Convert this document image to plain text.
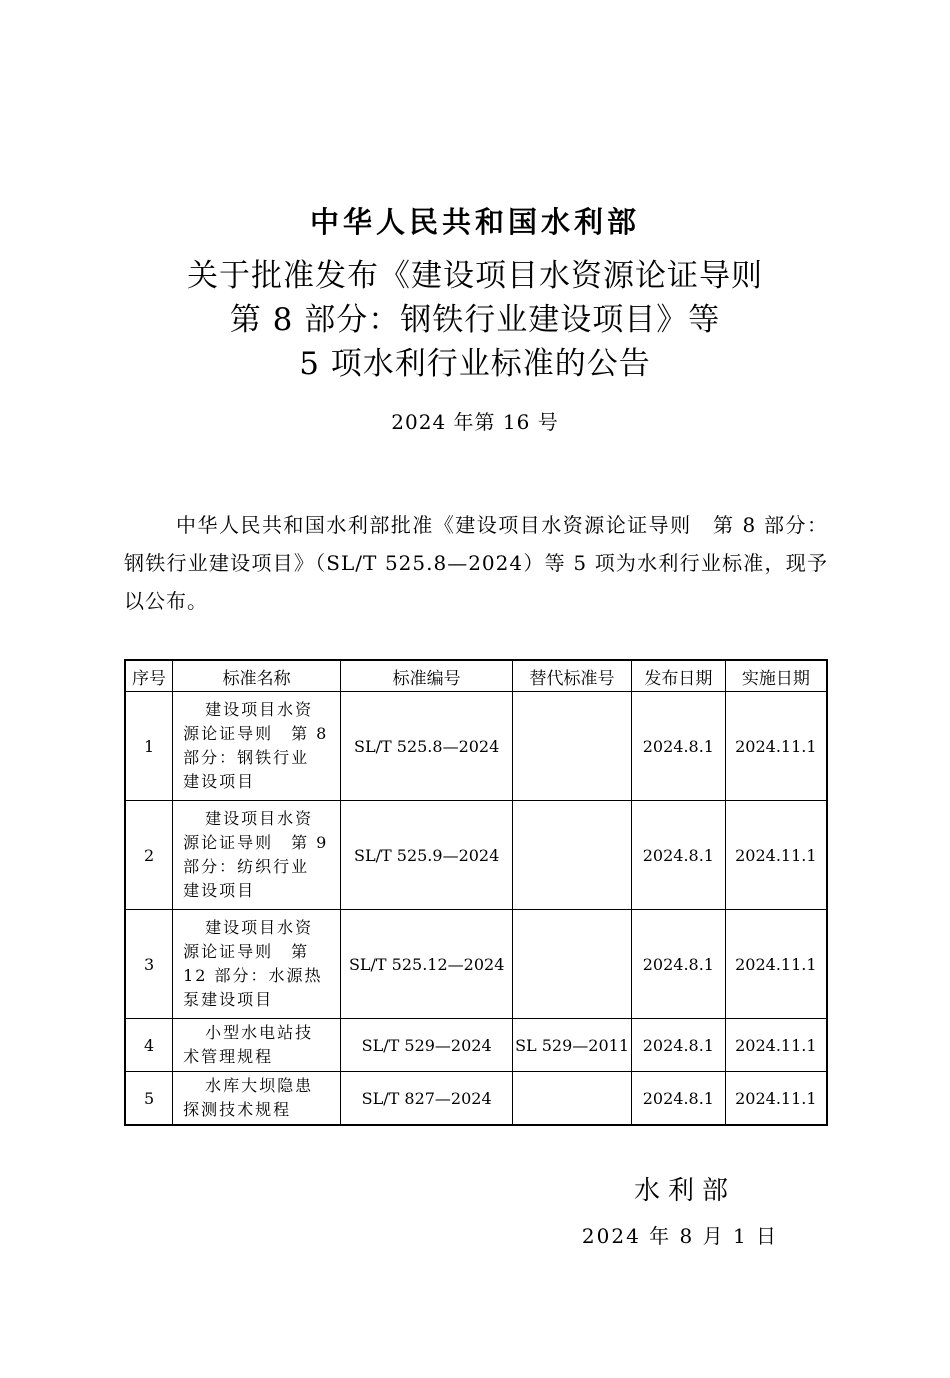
中华人民共和国水利部
关于批准发布《建设项目水资源论证导则
第 8 部分：钢铁行业建设项目》等
5 项水利行业标准的公告
2024 年第 16 号
中华人民共和国水利部批准《建设项目水资源论证导则　第 8 部分：钢铁行业建设项目》（SL/T 525.8—2024）等 5 项为水利行业标准，现予以公布。
序号	标准名称	标准编号	替代标准号	发布日期	实施日期
1	建设项目水资
源论证导则　第 8
部分：钢铁行业
建设项目	SL/T 525.8—2024		2024.8.1	2024.11.1
2	建设项目水资
源论证导则　第 9
部分：纺织行业
建设项目	SL/T 525.9—2024		2024.8.1	2024.11.1
3	建设项目水资
源论证导则　第
12 部分：水源热
泵建设项目	SL/T 525.12—2024		2024.8.1	2024.11.1
4	小型水电站技
术管理规程	SL/T 529—2024	SL 529—2011	2024.8.1	2024.11.1
5	水库大坝隐患
探测技术规程	SL/T 827—2024		2024.8.1	2024.11.1
水利部
2024 年 8 月 1 日
